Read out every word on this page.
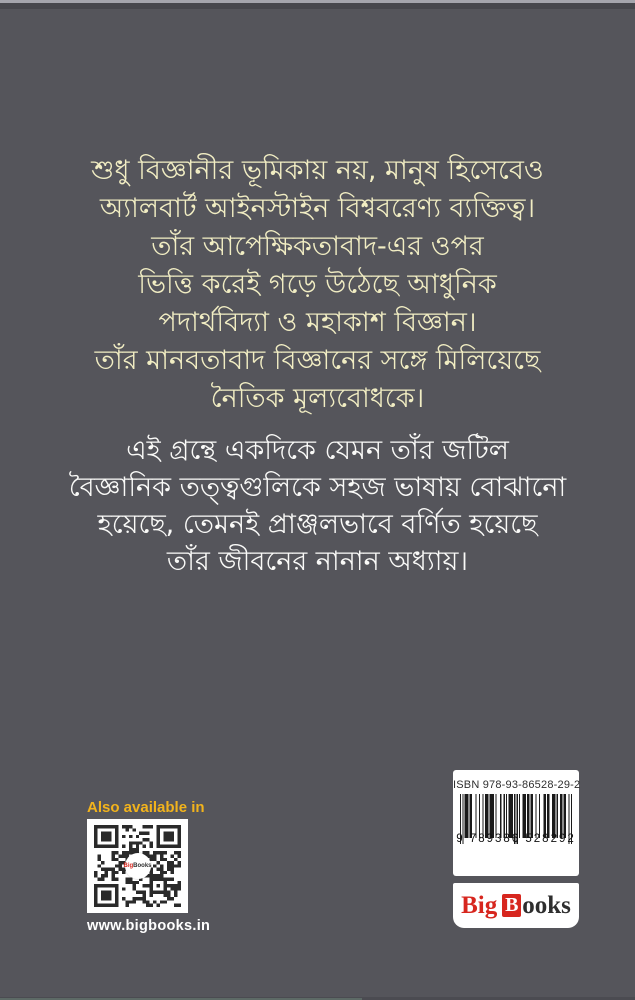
শুধু বিজ্ঞানীর ভূমিকায় নয়, মানুষ হিসেবেও
অ্যালবার্ট আইনস্টাইন বিশ্ববরেণ্য ব্যক্তিত্ব।
তাঁর আপেক্ষিকতাবাদ-এর ওপর
ভিত্তি করেই গড়ে উঠেছে আধুনিক
পদার্থবিদ্যা ও মহাকাশ বিজ্ঞান।
তাঁর মানবতাবাদ বিজ্ঞানের সঙ্গে মিলিয়েছে
নৈতিক মূল্যবোধকে।
এই গ্রন্থে একদিকে যেমন তাঁর জটিল
বৈজ্ঞানিক তত্ত্বগুলিকে সহজ ভাষায় বোঝানো
হয়েছে, তেমনই প্রাঞ্জলভাবে বর্ণিত হয়েছে
তাঁর জীবনের নানান অধ্যায়।
Also available in
Big Books
www.bigbooks.in
ISBN 978-93-86528-29-2
9 789386 528292
Big B ooks
